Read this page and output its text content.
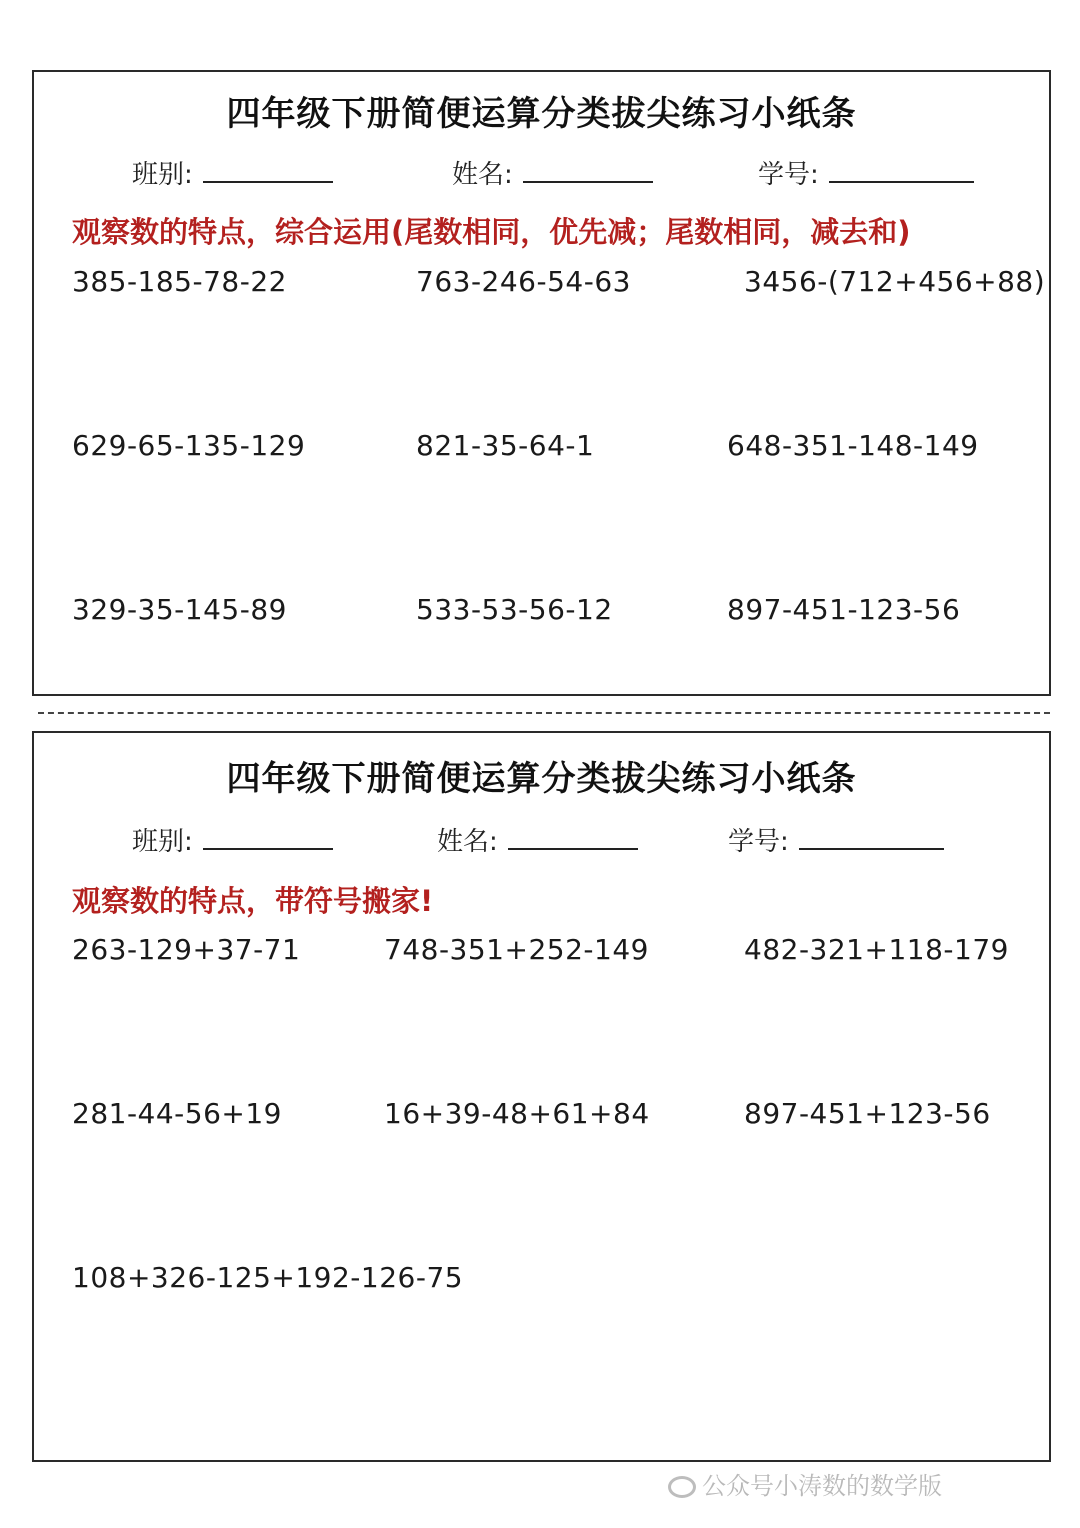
四年级下册简便运算分类拔尖练习小纸条
班别:	姓名:	学号:
观察数的特点，综合运用(尾数相同，优先减；尾数相同，减去和)
385-185-78-22	763-246-54-63	3456-(712+456+88)
629-65-135-129	821-35-64-1	648-351-148-149
329-35-145-89	533-53-56-12	897-451-123-56
四年级下册简便运算分类拔尖练习小纸条
班别:	姓名:	学号:
观察数的特点，带符号搬家!
263-129+37-71	748-351+252-149	482-321+118-179
281-44-56+19	16+39-48+61+84	897-451+123-56
108+326-125+192-126-75
公众号小涛数的数学版
